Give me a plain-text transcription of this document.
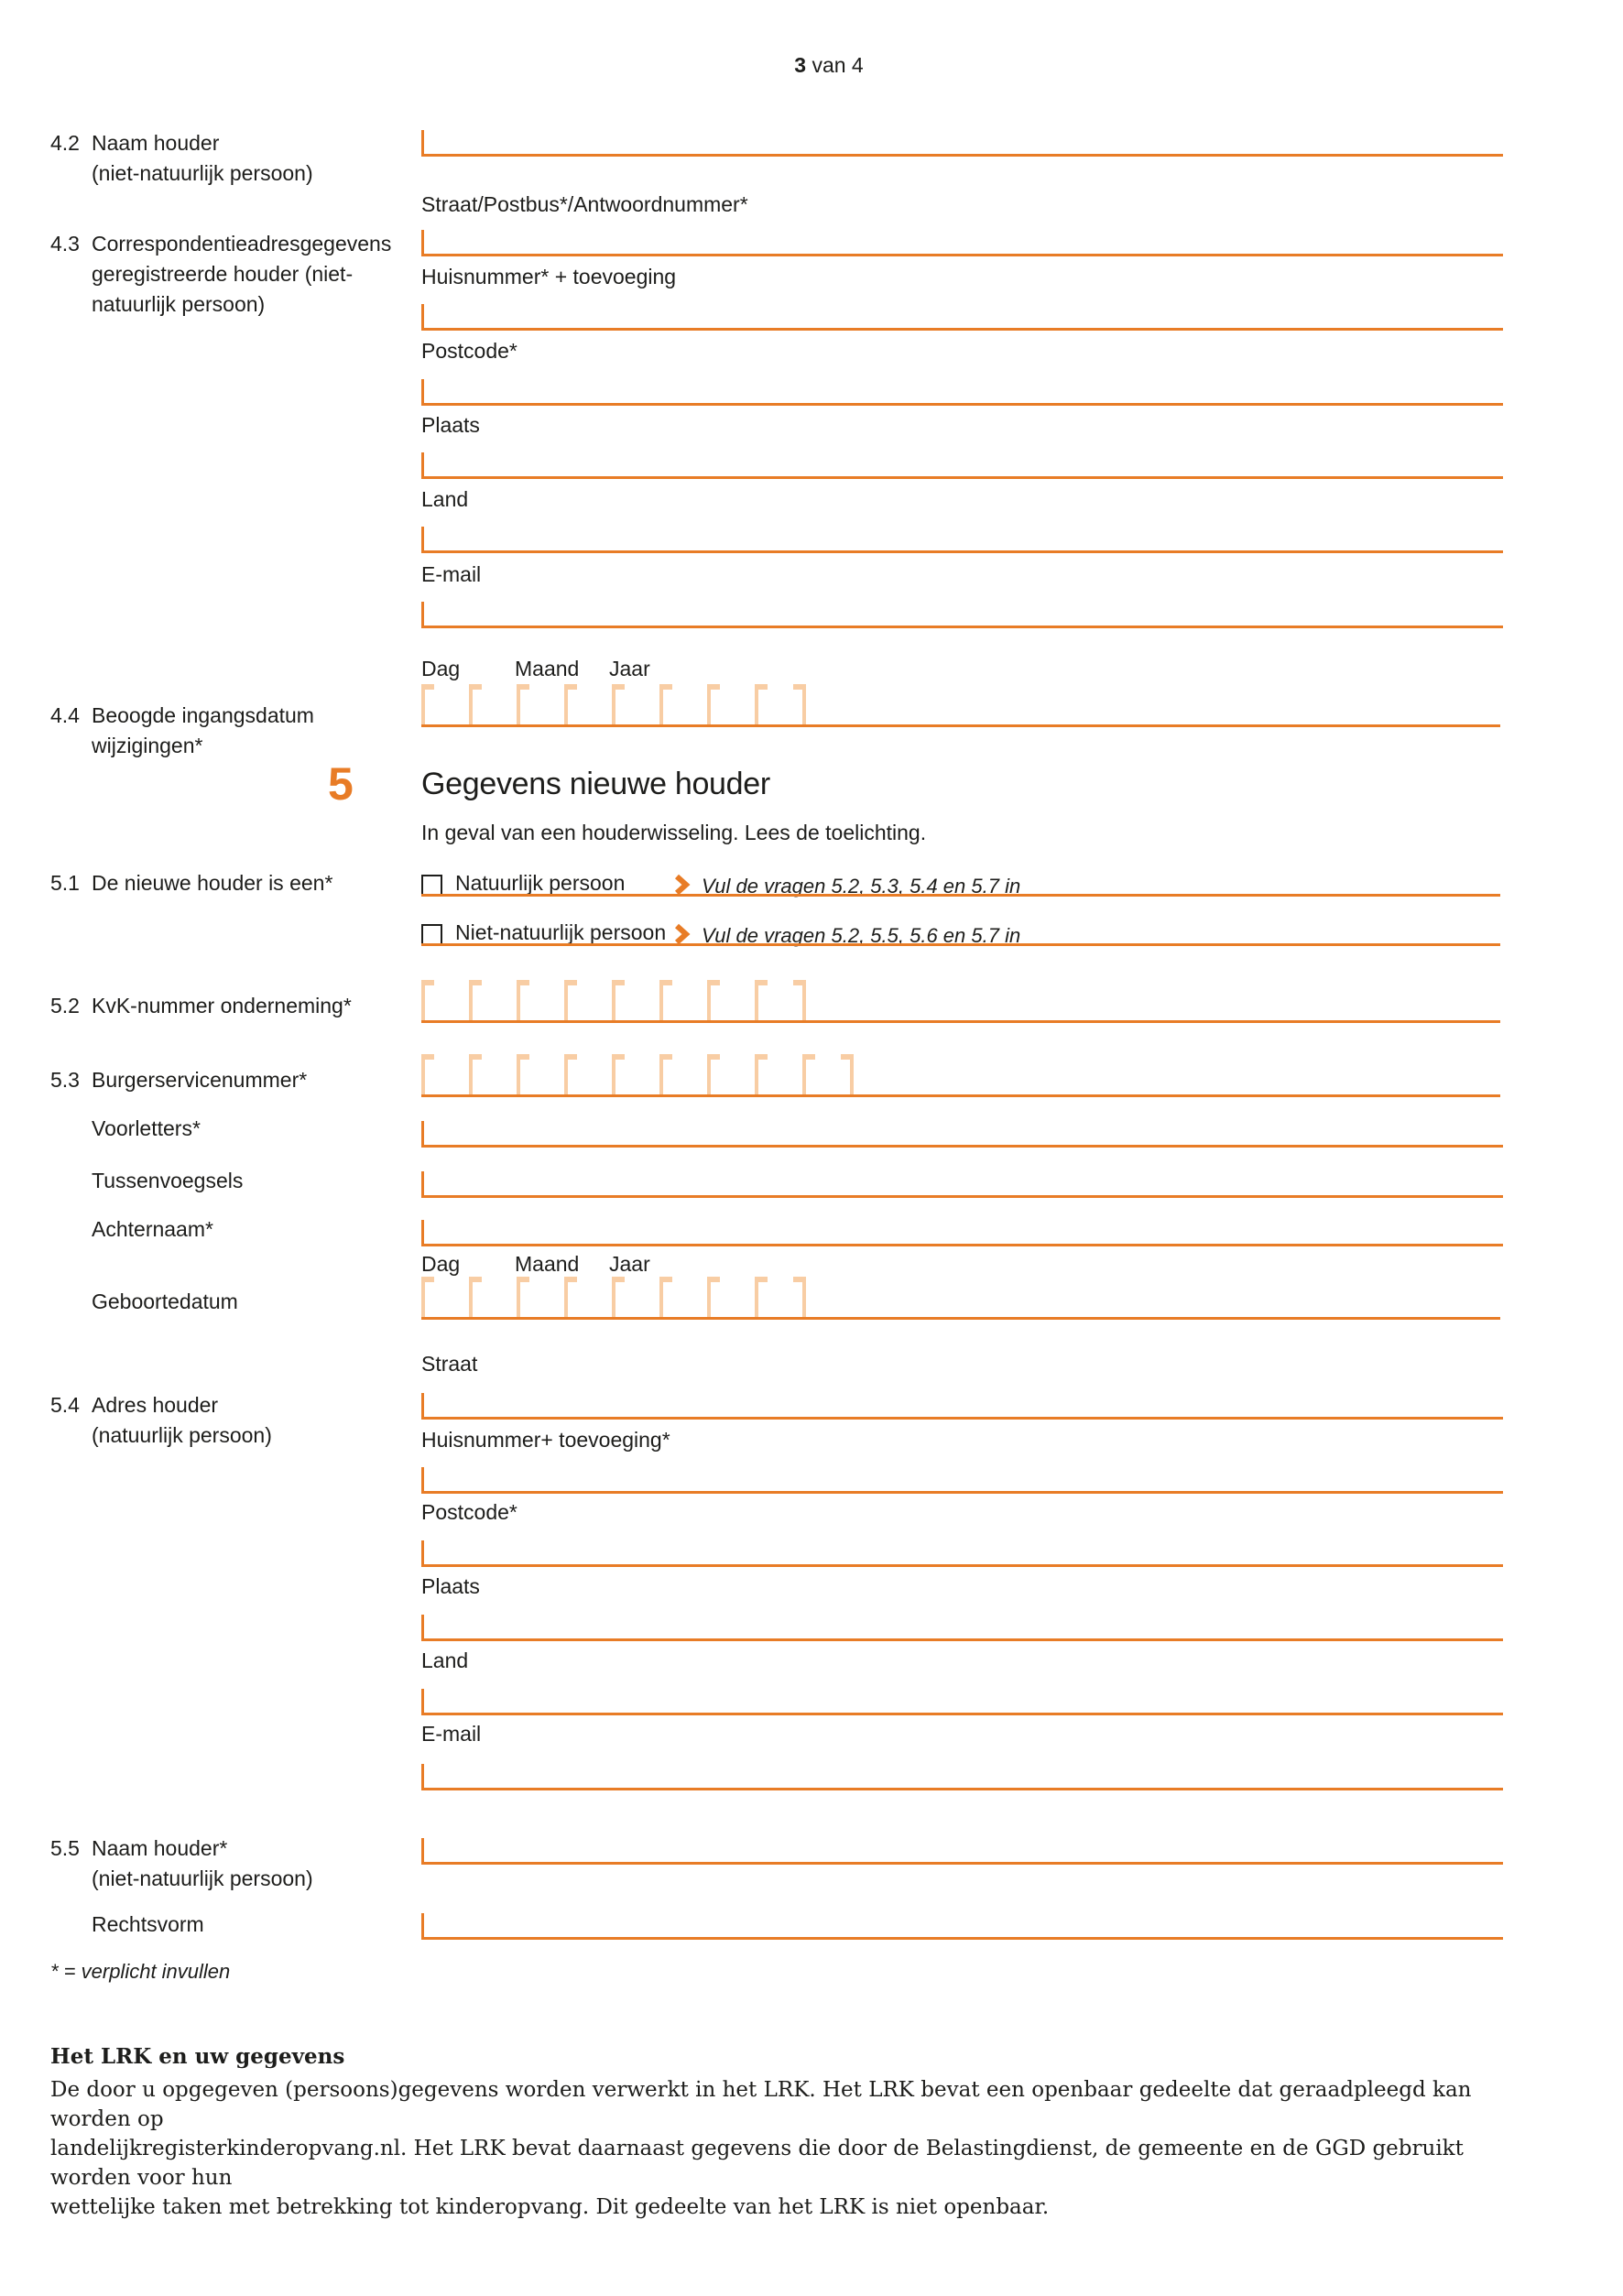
3 van 4
4.2 Naam houder
(niet-natuurlijk persoon)
Straat/Postbus*/Antwoordnummer*
4.3 Correspondentieadresgegevens
geregistreerde houder (niet-
natuurlijk persoon)
Huisnummer* + toevoeging
Postcode*
Plaats
Land
E-mail
Dag	Maand Jaar
4.4 Beoogde ingangsdatum
wijzigingen*
5 Gegevens nieuwe houder
In geval van een houderwisseling. Lees de toelichting.
5.1 De nieuwe houder is een*	Natuurlijk persoon	Vul de vragen 5.2, 5.3, 5.4 en 5.7 in
Niet-natuurlijk persoon Vul de vragen 5.2, 5.5, 5.6 en 5.7 in
5.2 KvK-nummer onderneming*
5.3 Burgerservicenummer*
Voorletters*
Tussenvoegsels
Achternaam*
Dag	Maand Jaar
Geboortedatum
Straat
5.4 Adres houder
(natuurlijk persoon)	Huisnummer+ toevoeging*
Postcode*
Plaats
Land
E-mail
5.5 Naam houder*
(niet-natuurlijk persoon)
Rechtsvorm
* = verplicht invullen
Het LRK en uw gegevens
De door u opgegeven (persoons)gegevens worden verwerkt in het LRK. Het LRK bevat een openbaar gedeelte dat geraadpleegd kan worden op
landelijkregisterkinderopvang.nl. Het LRK bevat daarnaast gegevens die door de Belastingdienst, de gemeente en de GGD gebruikt worden voor hun
wettelijke taken met betrekking tot kinderopvang. Dit gedeelte van het LRK is niet openbaar.
